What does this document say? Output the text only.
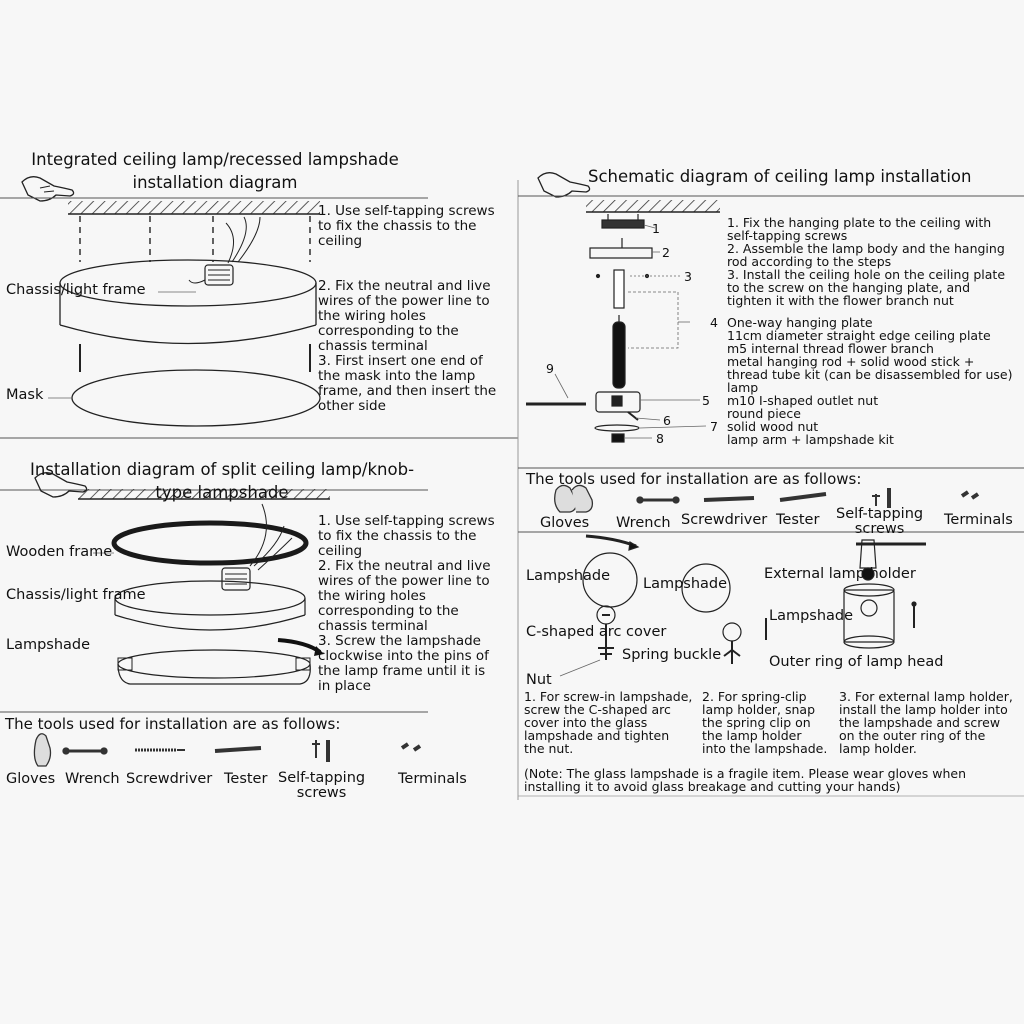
Integrated ceiling lamp/recessed lampshade
installation diagram
1. Use self-tapping screws
to fix the chassis to the
ceiling

2. Fix the neutral and live
wires of the power line to
the wiring holes
corresponding to the
chassis terminal
3. First insert one end of
the mask into the lamp
frame, and then insert the
other side
Chassis/light frame
Mask
Installation diagram of split ceiling lamp/knob-
type lampshade
1. Use self-tapping screws
to fix the chassis to the
ceiling
2. Fix the neutral and live
wires of the power line to
the wiring holes
corresponding to the
chassis terminal
3. Screw the lampshade
clockwise into the pins of
the lamp frame until it is
in place
Wooden frame
Chassis/light frame
Lampshade
The tools used for installation are as follows:
Gloves Wrench Screwdriver Tester Self-tapping
screws
Terminals
Schematic diagram of ceiling lamp installation
1. Fix the hanging plate to the ceiling with
self-tapping screws
2. Assemble the lamp body and the hanging
rod according to the steps
3. Install the ceiling hole on the ceiling plate
to the screw on the hanging plate, and
tighten it with the flower branch nut
One-way hanging plate
11cm diameter straight edge ceiling plate
m5 internal thread flower branch
metal hanging rod + solid wood stick +
thread tube kit (can be disassembled for use)
lamp
m10 I-shaped outlet nut
round piece
solid wood nut
lamp arm + lampshade kit
1
2
3
4
5
6	7
8
9
The tools used for installation are as follows:
Gloves Wrench Screwdriver Tester Self-tapping
screws
Terminals
Lampshade Lampshade
External lamp holder
Lampshade
C-shaped arc cover
Spring buckle	Outer ring of lamp head
Nut
1. For screw-in lampshade,
screw the C-shaped arc
cover into the glass
lampshade and tighten
the nut.
2. For spring-clip
lamp holder, snap
the spring clip on
the lamp holder
into the lampshade.
3. For external lamp holder,
install the lamp holder into
the lampshade and screw
on the outer ring of the
lamp holder.
(Note: The glass lampshade is a fragile item. Please wear gloves when
installing it to avoid glass breakage and cutting your hands)
